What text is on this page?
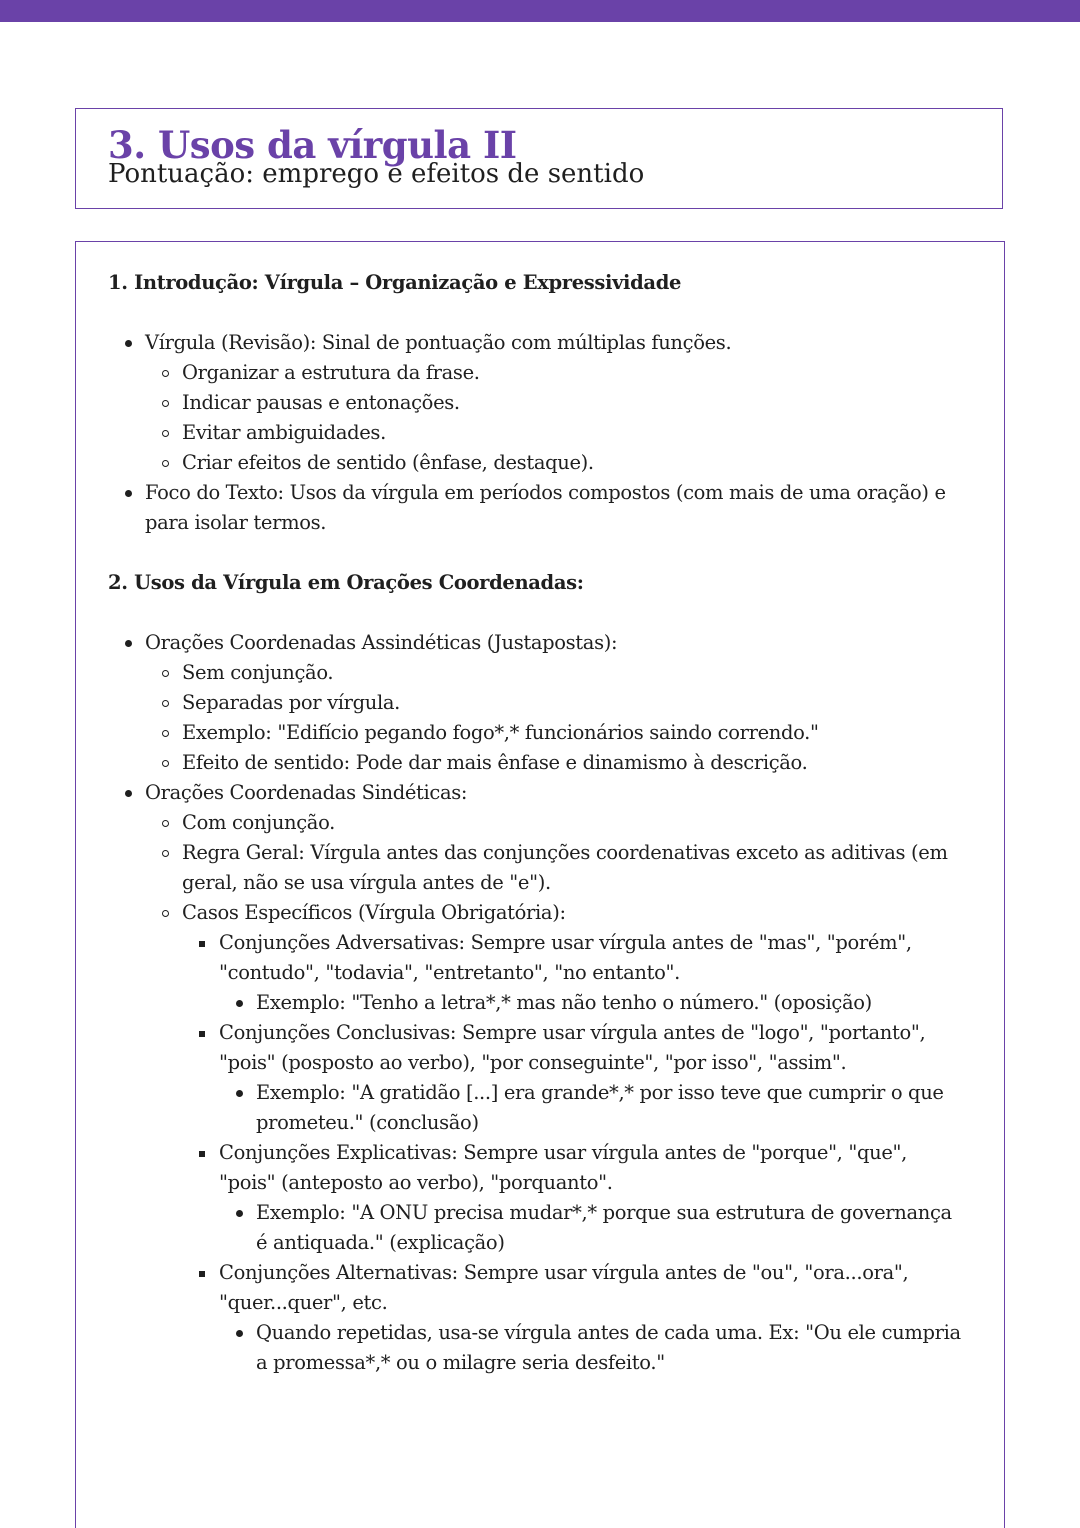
3. Usos da vírgula II

Pontuação: emprego e efeitos de sentido

1. Introdução: Vírgula – Organização e Expressividade
Vírgula (Revisão): Sinal de pontuação com múltiplas funções.
Organizar a estrutura da frase.
Indicar pausas e entonações.
Evitar ambiguidades.
Criar efeitos de sentido (ênfase, destaque).
Foco do Texto: Usos da vírgula em períodos compostos (com mais de uma oração) e para isolar termos.
2. Usos da Vírgula em Orações Coordenadas:
Orações Coordenadas Assindéticas (Justapostas):
Sem conjunção.
Separadas por vírgula.
Exemplo: "Edifício pegando fogo*,* funcionários saindo correndo."
Efeito de sentido: Pode dar mais ênfase e dinamismo à descrição.
Orações Coordenadas Sindéticas:
Com conjunção.
Regra Geral: Vírgula antes das conjunções coordenativas exceto as aditivas (em geral, não se usa vírgula antes de "e").
Casos Específicos (Vírgula Obrigatória):
Conjunções Adversativas: Sempre usar vírgula antes de "mas", "porém", "contudo", "todavia", "entretanto", "no entanto".
Exemplo: "Tenho a letra*,* mas não tenho o número." (oposição)
Conjunções Conclusivas: Sempre usar vírgula antes de "logo", "portanto", "pois" (posposto ao verbo), "por conseguinte", "por isso", "assim".
Exemplo: "A gratidão [...] era grande*,* por isso teve que cumprir o que prometeu." (conclusão)
Conjunções Explicativas: Sempre usar vírgula antes de "porque", "que", "pois" (anteposto ao verbo), "porquanto".
Exemplo: "A ONU precisa mudar*,* porque sua estrutura de governança é antiquada." (explicação)
Conjunções Alternativas: Sempre usar vírgula antes de "ou", "ora...ora", "quer...quer", etc.
Quando repetidas, usa-se vírgula antes de cada uma. Ex: "Ou ele cumpria a promessa*,* ou o milagre seria desfeito."
